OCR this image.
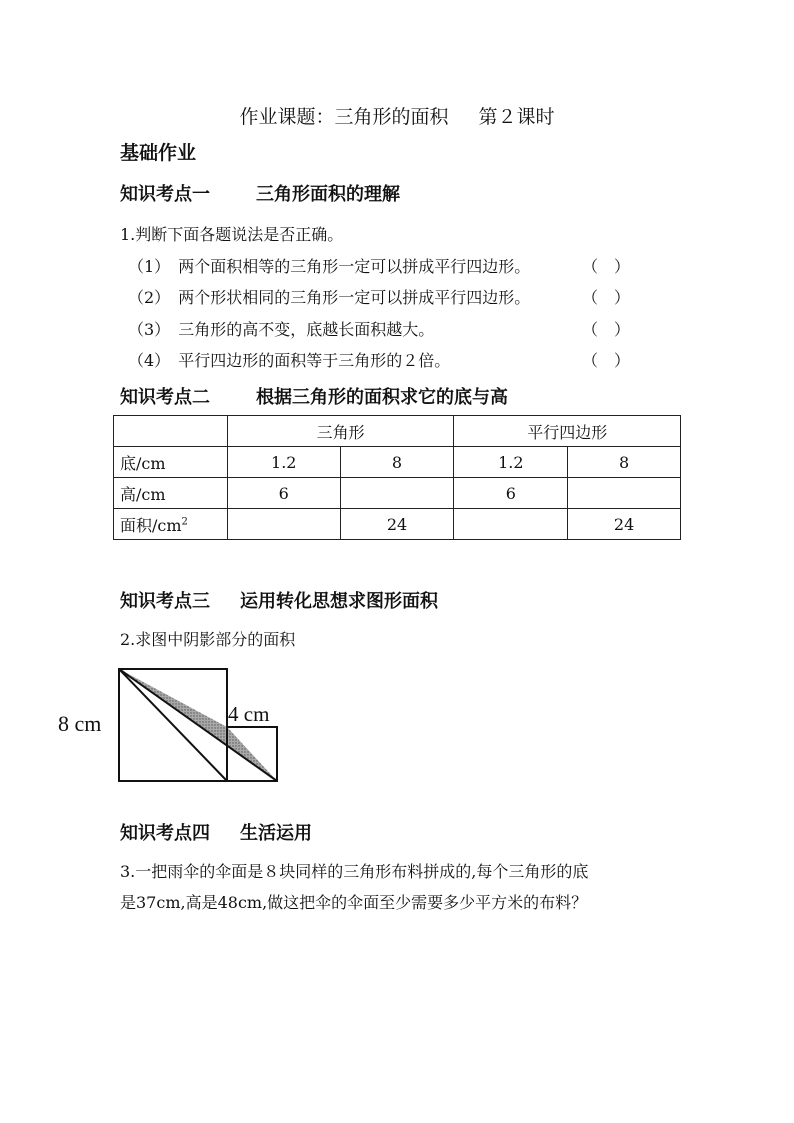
作业课题：三角形的面积 第２课时
基础作业
知识考点一	三角形面积的理解
1.判断下面各题说法是否正确。
（1） 两个面积相等的三角形一定可以拼成平行四边形。	（　）
（2） 两个形状相同的三角形一定可以拼成平行四边形。	（　）
（3） 三角形的高不变，底越长面积越大。	（　）
（4） 平行四边形的面积等于三角形的２倍。	（　）
知识考点二	根据三角形的面积求它的底与高
	三角形		平行四边形	
底/cm	1.2	8	1.2	8
高/cm	6		6	
面积$/cm^2$		24		24
知识考点三 运用转化思想求图形面积
2.求图中阴影部分的面积
8 cm	4 cm
知识考点四 生活运用
3.一把雨伞的伞面是８块同样的三角形布料拼成的,每个三角形的底
是37cm,高是48cm,做这把伞的伞面至少需要多少平方米的布料？
